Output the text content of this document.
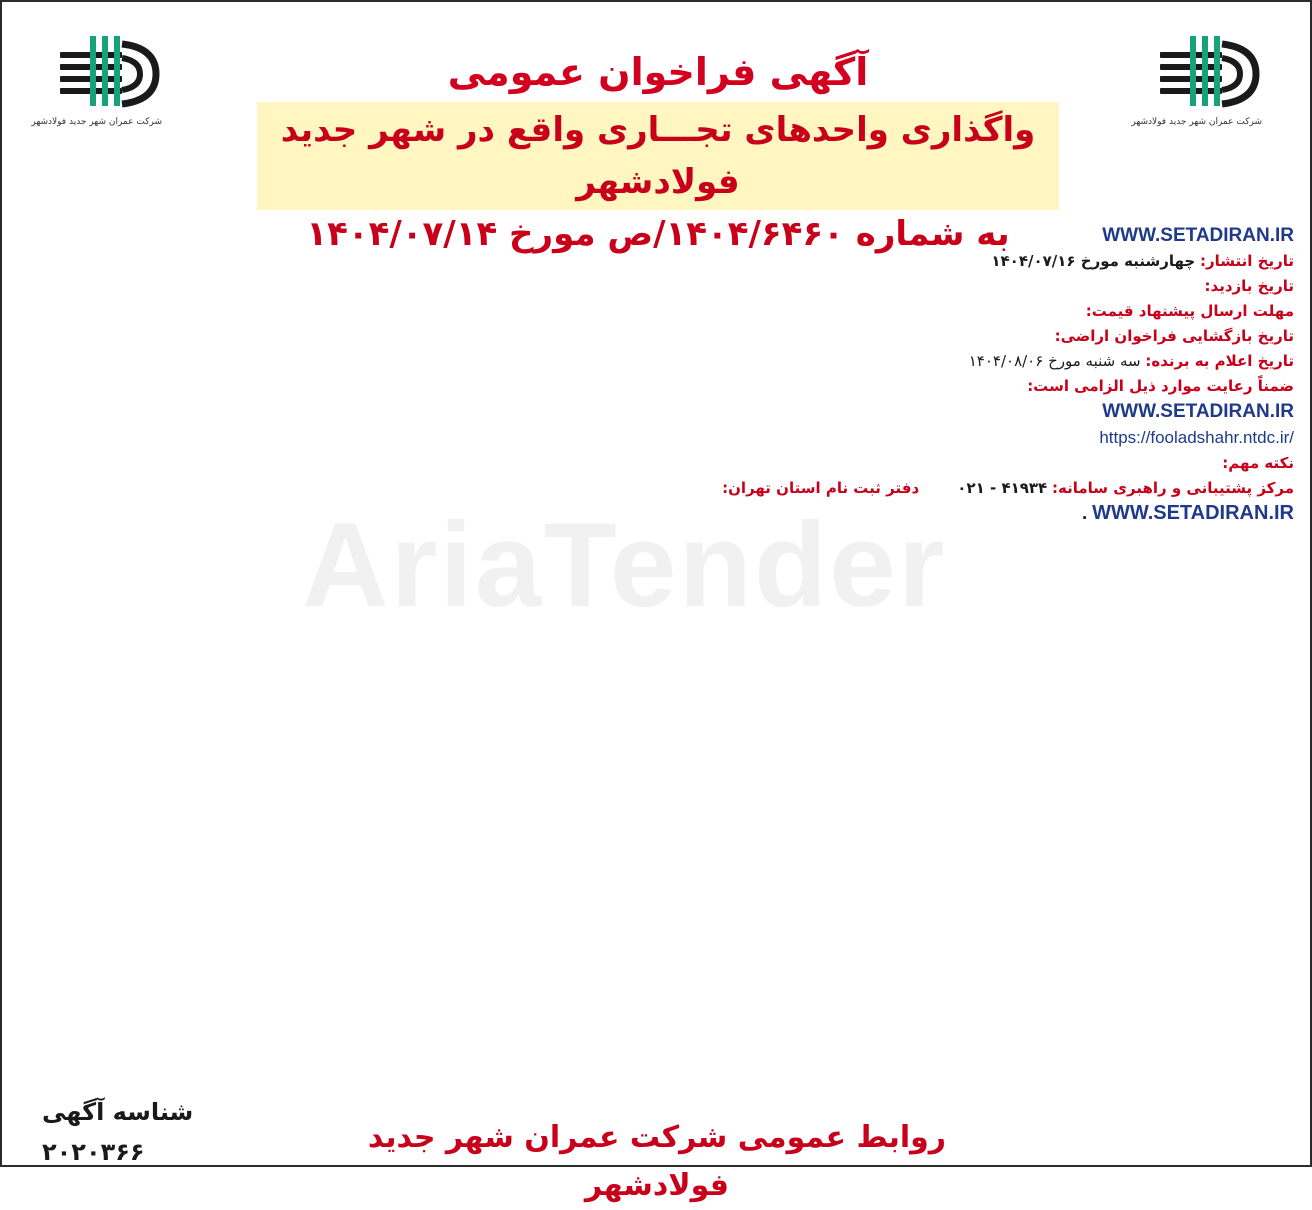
شرکت عمران شهر جدید فولادشهر	شرکت عمران شهر جدید فولادشهر
آگهی فراخوان عمومی
واگذاری واحدهای تجـــاری واقع در شهر جدید فولادشهر
به شماره ۱۴۰۴/۶۴۶۰/ص مورخ ۱۴۰۴/۰۷/۱۴
AriaTender

WWW.SETADIRAN.IR

تاریخ انتشار: چهارشنبه مورخ ۱۴۰۴/۰۷/۱۶

تاریخ بازدید:

مهلت ارسال پیشنهاد قیمت:

تاریخ بازگشایی فراخوان اراضی:

تاریخ اعلام به برنده: سه شنبه مورخ ۱۴۰۴/۰۸/۰۶

ضمناً رعایت موارد ذیل الزامی است:

WWW.SETADIRAN.IR

https://fooladshahr.ntdc.ir/

نکته مهم:

مرکز پشتیبانی و راهبری سامانه: ۴۱۹۳۴ - ۰۲۱        دفتر ثبت نام استان تهران:

WWW.SETADIRAN.IR .

شناسه آگهی ۲۰۲۰۳۶۶	روابط عمومی شرکت عمران شهر جدید فولادشهر
